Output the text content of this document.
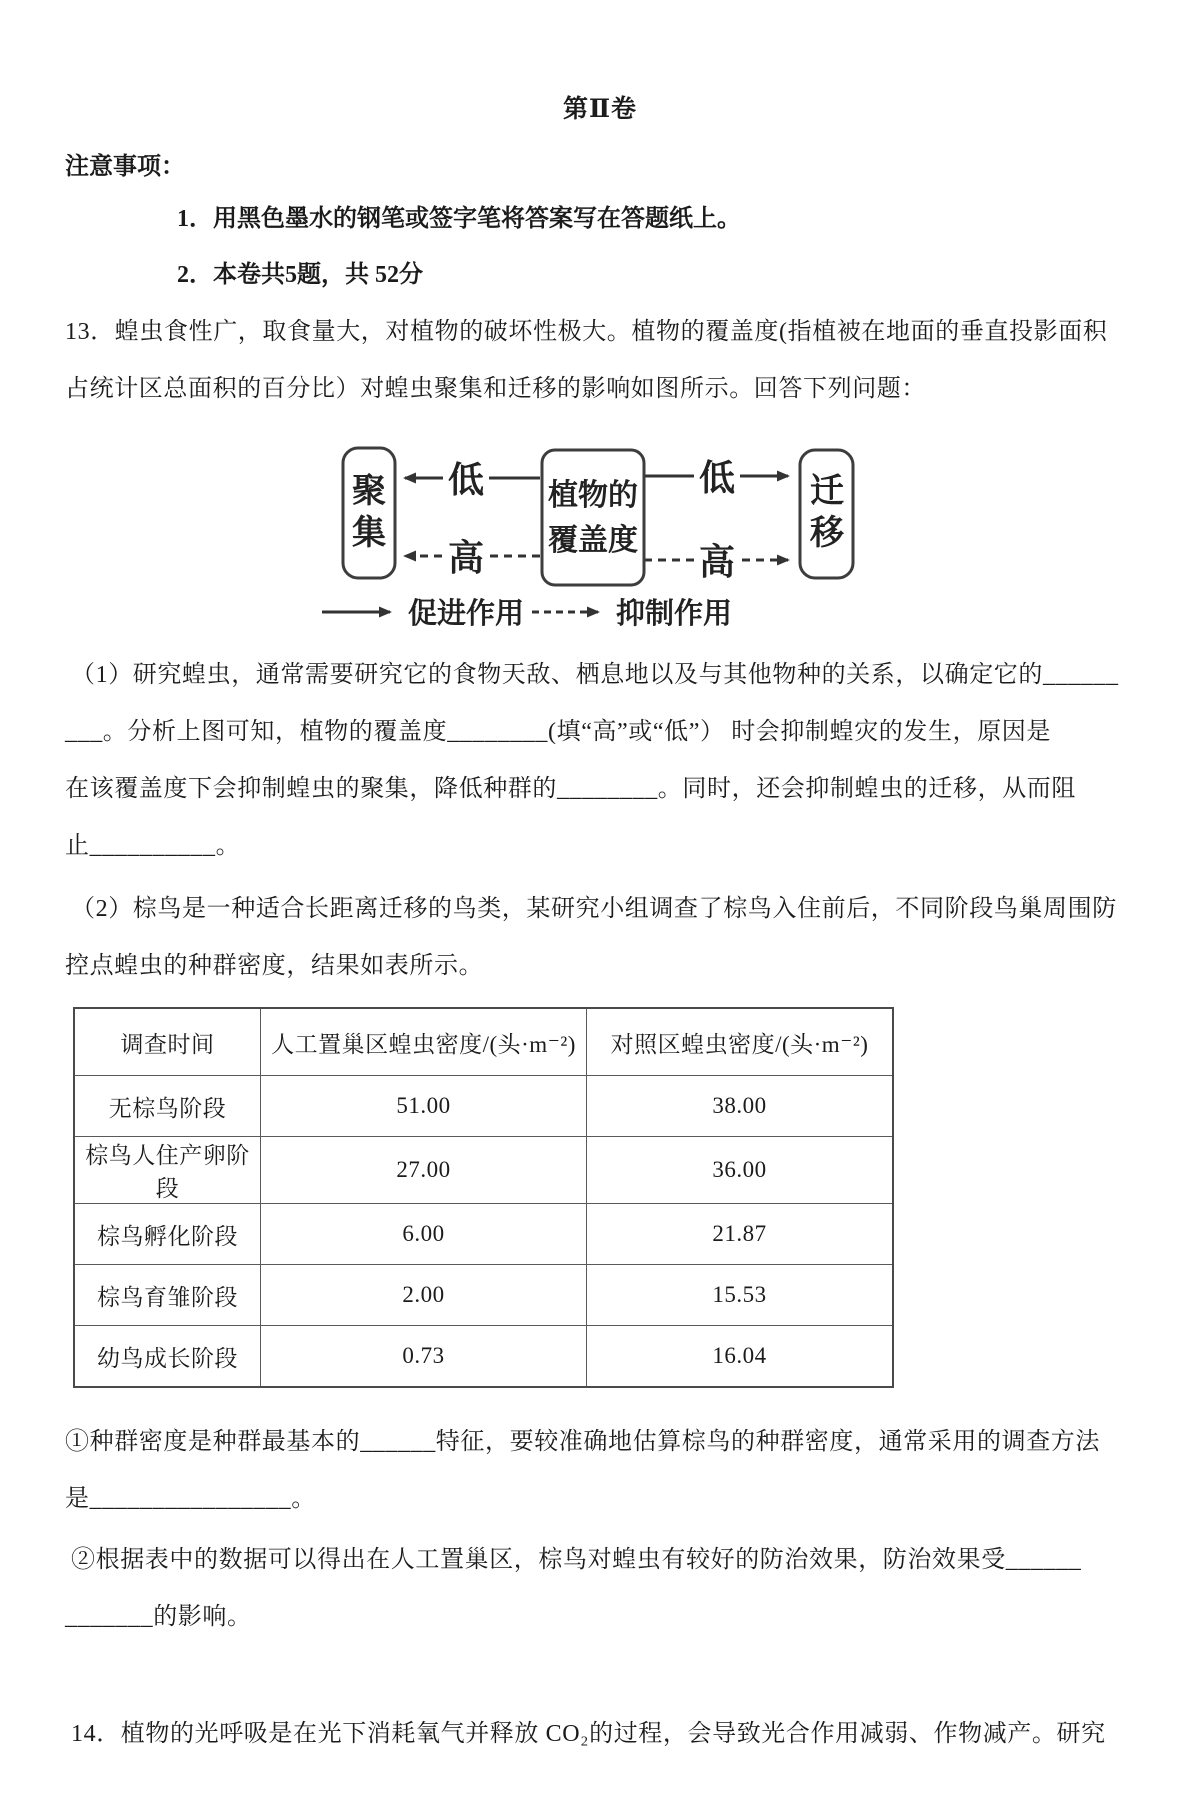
第Ⅱ卷
注意事项：
1．用黑色墨水的钢笔或签字笔将答案写在答题纸上。
2．本卷共5题，共 52分
13．蝗虫食性广，取食量大，对植物的破坏性极大。植物的覆盖度(指植被在地面的垂直投影面积
占统计区总面积的百分比）对蝗虫聚集和迁移的影响如图所示。回答下列问题：
低	低
高	高
聚
集
植物的
覆盖度
迁
移
促进作用	抑制作用
（1）研究蝗虫，通常需要研究它的食物天敌、栖息地以及与其他物种的关系，以确定它的______
___。分析上图可知，植物的覆盖度________(填“高”或“低”） 时会抑制蝗灾的发生，原因是
在该覆盖度下会抑制蝗虫的聚集，降低种群的________。同时，还会抑制蝗虫的迁移，从而阻
止__________。
（2）棕鸟是一种适合长距离迁移的鸟类，某研究小组调查了棕鸟入住前后，不同阶段鸟巢周围防
控点蝗虫的种群密度，结果如表所示。
调查时间	人工置巢区蝗虫密度/(头·m⁻²)	对照区蝗虫密度/(头·m⁻²)
无棕鸟阶段	51.00	38.00
棕鸟人住产卵阶段	27.00	36.00
棕鸟孵化阶段	6.00	21.87
棕鸟育雏阶段	2.00	15.53
幼鸟成长阶段	0.73	16.04
①种群密度是种群最基本的______特征，要较准确地估算棕鸟的种群密度，通常采用的调查方法
是________________。
②根据表中的数据可以得出在人工置巢区，棕鸟对蝗虫有较好的防治效果，防治效果受______
_______的影响。
14．植物的光呼吸是在光下消耗氧气并释放 CO₂的过程，会导致光合作用减弱、作物减产。研究
